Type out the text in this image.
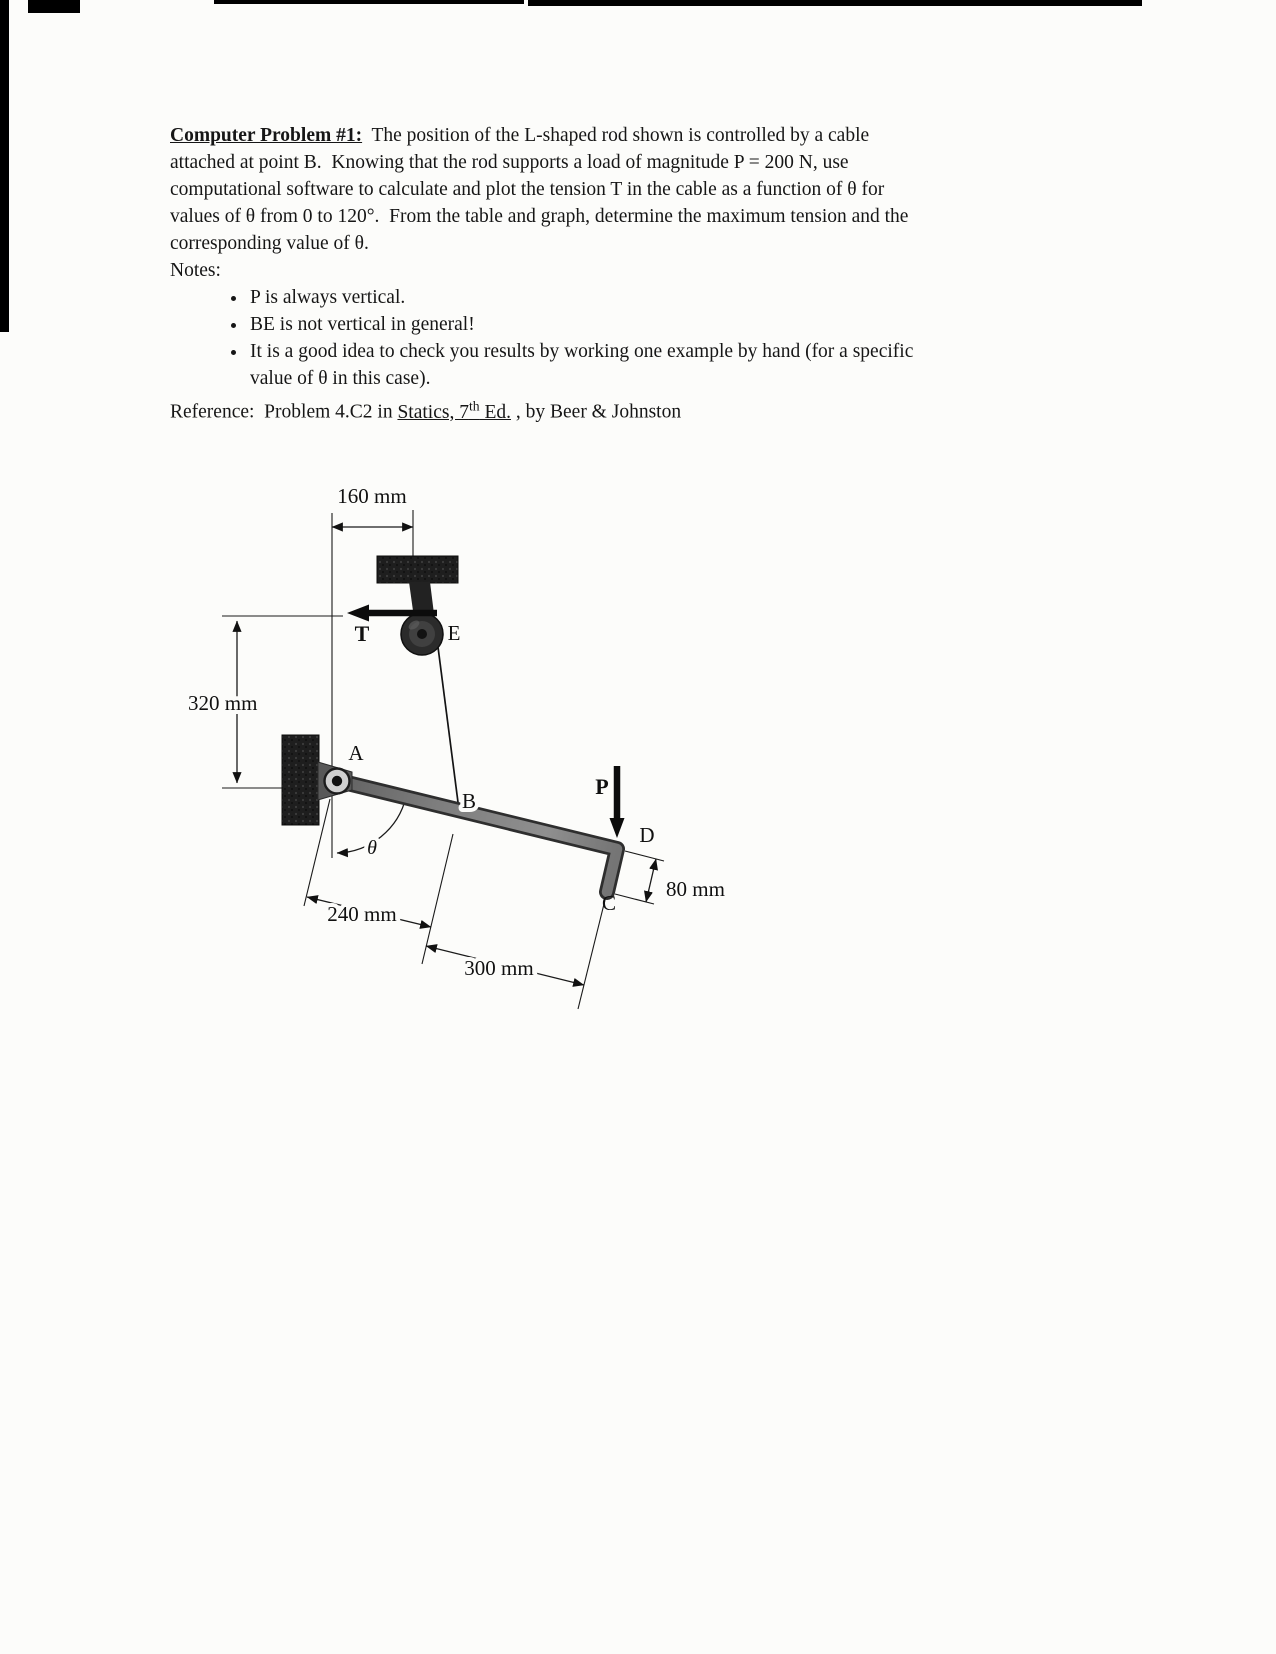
Computer Problem #1:  The position of the L-shaped rod shown is controlled by a cable
attached at point B.  Knowing that the rod supports a load of magnitude P = 200 N, use
computational software to calculate and plot the tension T in the cable as a function of θ for
values of θ from 0 to 120°.  From the table and graph, determine the maximum tension and the
corresponding value of θ.
Notes:
• P is always vertical.
• BE is not vertical in general!
• It is a good idea to check you results by working one example by hand (for a specific
value of θ in this case).
Reference:  Problem 4.C2 in Statics, 7th Ed. , by Beer & Johnston
160 mm
320 mm
T	E
θ
240 mm
300 mm
P
80 mm
A
B
D
C
